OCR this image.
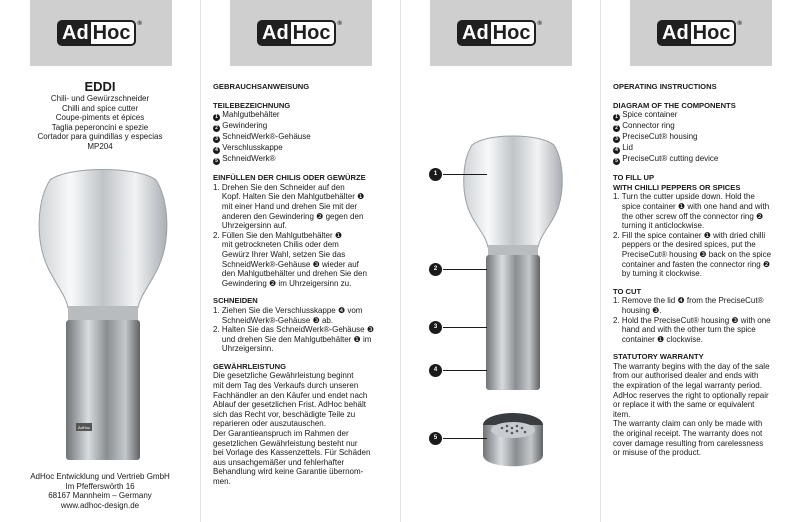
Ad Hoc	®
EDDI
Chili- und Gewürzschneider
Chilli and spice cutter
Coupe-piments et épices
Taglia peperoncini e spezie
Cortador para guindillas y especias
MP204
AdHoc
AdHoc Entwicklung und Vertrieb GmbH
Im Pfefferswörth 16
68167 Mannheim – Germany
www.adhoc-design.de
Ad Hoc	®

GEBRAUCHSANWEISUNG

TEILEBEZEICHNUNG

1 Mahlgutbehälter
2 Gewindering
3 SchneidWerk®-Gehäuse
4 Verschlusskappe
5 SchneidWerk®

EINFÜLLEN DER CHILIS ODER GEWÜRZE

1. Drehen Sie den Schneider auf den
Kopf. Halten Sie den Mahlgutbehälter ❶
mit einer Hand und drehen Sie mit der
anderen den Gewindering ❷ gegen den
Uhrzeigersinn auf.

2. Füllen Sie den Mahlgutbehälter ❶
mit getrockneten Chilis oder dem
Gewürz Ihrer Wahl, setzen Sie das
SchneidWerk®-Gehäuse ❸ wieder auf
den Mahlgutbehälter und drehen Sie den
Gewindering ❷ im Uhrzeigersinn zu.

SCHNEIDEN

1. Ziehen Sie die Verschlusskappe ❹ vom
SchneidWerk®-Gehäuse ❸ ab.

2. Halten Sie das SchneidWerk®-Gehäuse ❸
und drehen Sie den Mahlgutbehälter ❶ im
Uhrzeigersinn.

GEWÄHRLEISTUNG

Die gesetzliche Gewährleistung beginnt
mit dem Tag des Verkaufs durch unseren
Fachhändler an den Käufer und endet nach
Ablauf der gesetzlichen Frist. AdHoc behält
sich das Recht vor, beschädigte Teile zu
reparieren oder auszutauschen.
Der Garantieanspruch im Rahmen der
gesetzlichen Gewährleistung besteht nur
bei Vorlage des Kassenzettels. Für Schäden
aus unsachgemäßer und fehlerhafter
Behandlung wird keine Garantie übernom-
men.

Ad Hoc	®
1
2
3
4
5
Ad Hoc	®

OPERATING INSTRUCTIONS

DIAGRAM OF THE COMPONENTS

1 Spice container
2 Connector ring
3 PreciseCut® housing
4 Lid
5 PreciseCut® cutting device

TO FILL UP
WITH CHILLI PEPPERS OR SPICES

1. Turn the cutter upside down. Hold the
spice container ❶ with one hand and with
the other screw off the connector ring ❷
turning it anticlockwise.

2. Fill the spice container ❶ with dried chilli
peppers or the desired spices, put the
PreciseCut® housing ❸ back on the spice
container and fasten the connector ring ❷
by turning it clockwise.

TO CUT

1. Remove the lid ❹ from the PreciseCut®
housing ❸.

2. Hold the PreciseCut® housing ❸ with one
hand and with the other turn the spice
container ❶ clockwise.

STATUTORY WARRANTY

The warranty begins with the day of the sale
from our authorised dealer and ends with
the expiration of the legal warranty period.
AdHoc reserves the right to optionally repair
or replace it with the same or equivalent
item.
The warranty claim can only be made with
the original receipt. The warranty does not
cover damage resulting from carelessness
or misuse of the product.
